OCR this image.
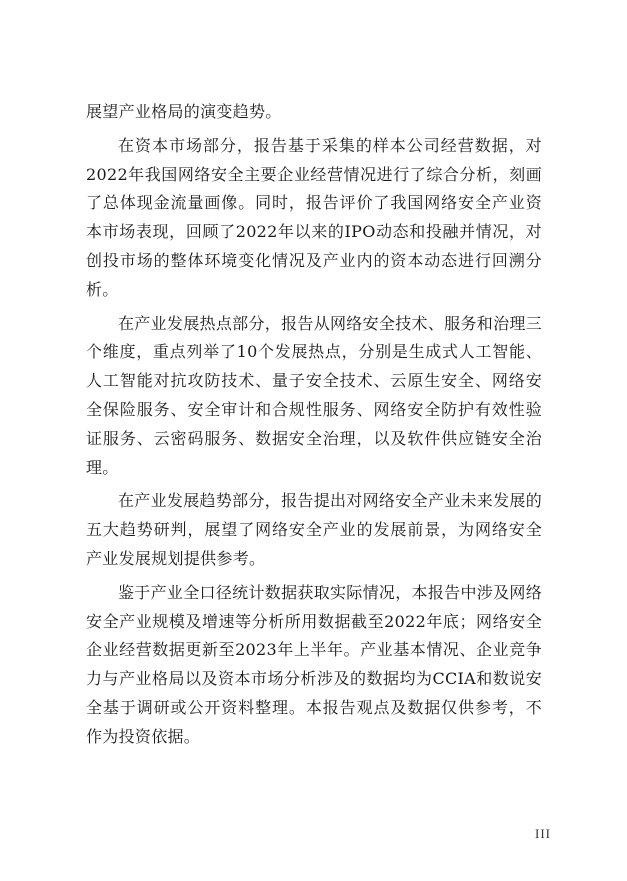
展望产业格局的演变趋势。

在资本市场部分，报告基于采集的样本公司经营数据，对2022年我国网络安全主要企业经营情况进行了综合分析，刻画了总体现金流量画像。同时，报告评价了我国网络安全产业资本市场表现，回顾了2022年以来的IPO动态和投融并情况，对创投市场的整体环境变化情况及产业内的资本动态进行回溯分析。

在产业发展热点部分，报告从网络安全技术、服务和治理三个维度，重点列举了10个发展热点，分别是生成式人工智能、人工智能对抗攻防技术、量子安全技术、云原生安全、网络安全保险服务、安全审计和合规性服务、网络安全防护有效性验证服务、云密码服务、数据安全治理，以及软件供应链安全治理。

在产业发展趋势部分，报告提出对网络安全产业未来发展的五大趋势研判，展望了网络安全产业的发展前景，为网络安全产业发展规划提供参考。

鉴于产业全口径统计数据获取实际情况，本报告中涉及网络安全产业规模及增速等分析所用数据截至2022年底；网络安全企业经营数据更新至2023年上半年。产业基本情况、企业竞争力与产业格局以及资本市场分析涉及的数据均为CCIA和数说安全基于调研或公开资料整理。本报告观点及数据仅供参考，不作为投资依据。

III
